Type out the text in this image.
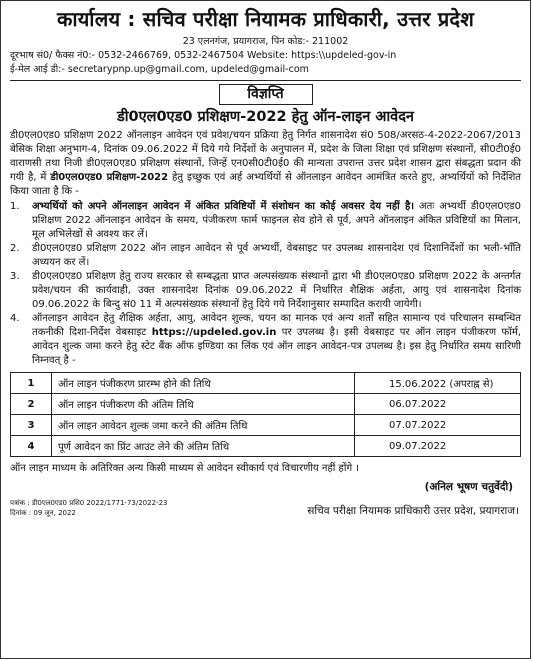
कार्यालय : सचिव परीक्षा नियामक प्राधिकारी, उत्तर प्रदेश
23 एलनगंज, प्रयागराज, पिन कोड:- 211002
दूरभाष सं0/ फैक्स नं0:- 0532-2466769, 0532-2467504 Website: https:\\updeled-gov-in
ई-मेल आई डी:- secretarypnp.up@gmail.com, updeled@gmail-com
विज्ञप्ति
डी0एल0एड0 प्रशिक्षण-2022 हेतु ऑन-लाइन आवेदन
डी0एल0एड0 प्रशिक्षण 2022 ऑनलाइन आवेदन एवं प्रवेश/चयन प्रक्रिया हेतु निर्गत शासनादेश सं0 508/अरसठ-4-2022-2067/2013 बेसिक शिक्षा अनुभाग-4, दिनांक 09.06.2022 में दिये गये निर्देशों के अनुपालन में, प्रदेश के जिला शिक्षा एवं प्रशिक्षण संस्थानों, सी0टी0ई0 वाराणसी तथा निजी डी0एल0एड0 प्रशिक्षण संस्थानों, जिन्हें एन0सी0टी0ई0 की मान्यता उपरान्त उत्तर प्रदेश शासन द्वारा संबद्धता प्रदान की गयी है, में डी0एल0एड0 प्रशिक्षण-2022 हेतु इच्छुक एवं अर्ह अभ्यर्थियों से ऑनलाइन आवेदन आमंत्रित करते हुए, अभ्यर्थियों को निर्देशित किया जाता है कि -
1.	अभ्यर्थियों को अपने ऑनलाइन आवेदन में अंकित प्रविष्टियों में संशोधन का कोई अवसर देय नहीं है। अतः अभ्यर्थी डी0एल0एड0 प्रशिक्षण 2022 ऑनलाइन आवेदन के समय, पंजीकरण फार्म फाइनल सेव होने से पूर्व, अपने ऑनलाइन अंकित प्रविष्टियों का मिलान, मूल अभिलेखों से अवश्य कर लें।
2.	डी0एल0एड0 प्रशिक्षण 2022 ऑन लाइन आवेदन से पूर्व अभ्यर्थी, वेबसाइट पर उपलब्ध शासनादेश एवं दिशानिर्देशों का भली-भाँति अध्ययन कर लें।
3.	डी0एल0एड0 प्रशिक्षण हेतु राज्य सरकार से सम्बद्धता प्राप्त अल्पसंख्यक संस्थानों द्वारा भी डी0एल0एड0 प्रशिक्षण 2022 के अन्तर्गत प्रवेश/चयन की कार्यवाही, उक्त शासनादेश दिनांक 09.06.2022 में निर्धारित शैक्षिक अर्हता, आयु एवं शासनादेश दिनांक 09.06.2022 के बिन्दु सं0 11 में अल्पसंख्यक संस्थानों हेतु दिये गये निर्देशानुसार सम्पादित करायी जायेगी।
4.	ऑनलाइन आवेदन हेतु शैक्षिक अर्हता, आयु, आवेदन शुल्क, चयन का मानक एवं अन्य शर्तों सहित सामान्य एवं परिचालन सम्बन्धित तकनीकी दिशा-निर्देश वेबसाइट https://updeled.gov.in पर उपलब्ध है। इसी वेबसाइट पर ऑन लाइन पंजीकरण फॉर्म, आवेदन शुल्क जमा करने हेतु स्टेट बैंक ऑफ इण्डिया का लिंक एवं ऑन लाइन आवेदन-पत्र उपलब्ध है। इस हेतु निर्धारित समय सारिणी निम्नवत् है -
1	ऑन लाइन पंजीकरण प्रारम्भ होने की तिथि	15.06.2022 (अपराह्न से)
2	ऑन लाइन पंजीकरण की अंतिम तिथि	06.07.2022
3	ऑन लाइन आवेदन शुल्क जमा करने की अंतिम तिथि	07.07.2022
4	पूर्ण आवेदन का प्रिंट आउट लेने की अंतिम तिथि	09.07.2022
ऑन लाइन माध्यम के अतिरिक्त अन्य किसी माध्यम से आवेदन स्वीकार्य एवं विचारणीय नहीं होंगे ।
(अनिल भूषण चतुर्वेदी)
पत्रांक : डी0एल0एड0 प्रशि0 2022/1771-73/2022-23
दिनांक : 09 जून, 2022	सचिव परीक्षा नियामक प्राधिकारी उत्तर प्रदेश, प्रयागराज।
